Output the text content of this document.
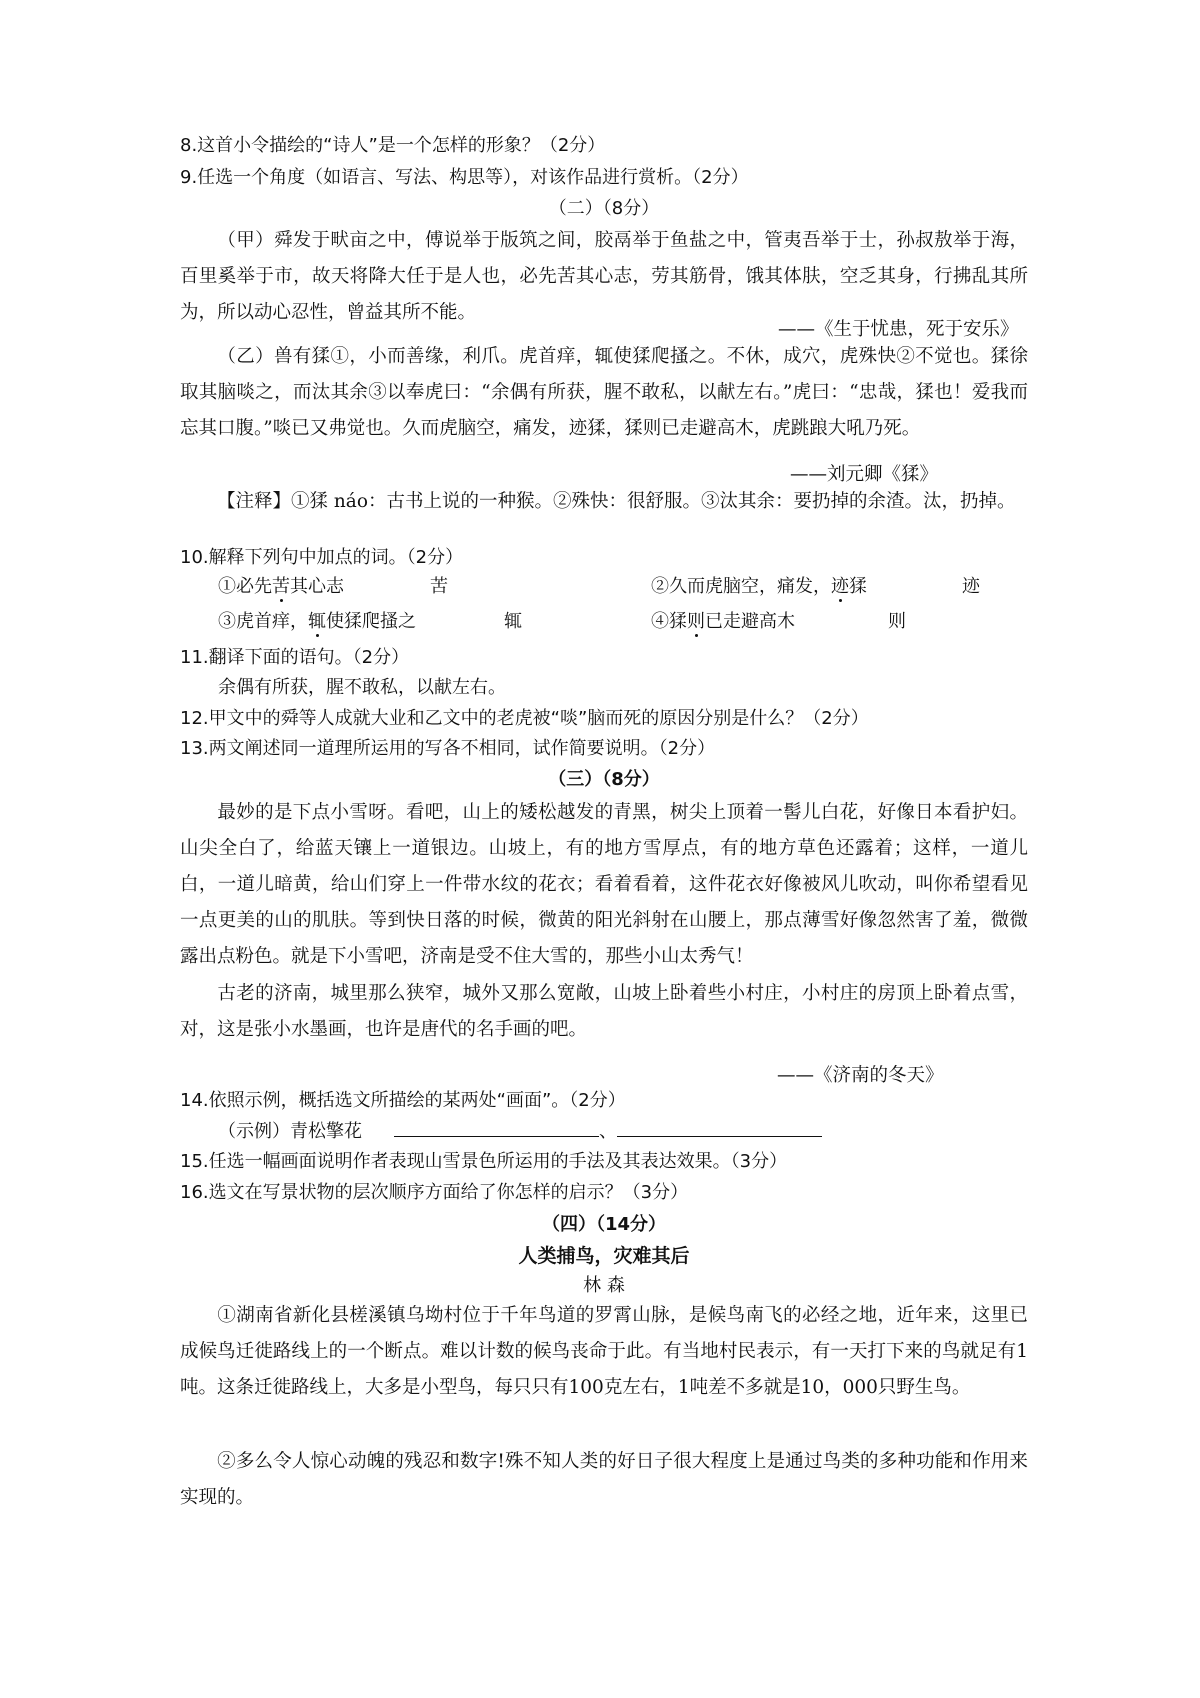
8.这首小令描绘的“诗人”是一个怎样的形象？（2分）
9.任选一个角度（如语言、写法、构思等），对该作品进行赏析。（2分）
（二）（8分）
（甲）舜发于畎亩之中，傅说举于版筑之间，胶鬲举于鱼盐之中，管夷吾举于士，孙叔敖举于海，百里奚举于市，故天将降大任于是人也，必先苦其心志，劳其筋骨，饿其体肤，空乏其身，行拂乱其所为，所以动心忍性，曾益其所不能。
——《生于忧患，死于安乐》
（乙）兽有猱①，小而善缘，利爪。虎首痒，辄使猱爬搔之。不休，成穴，虎殊快②不觉也。猱徐取其脑啖之，而汰其余③以奉虎曰：“余偶有所获，腥不敢私，以献左右。”虎曰：“忠哉，猱也！爱我而忘其口腹。”啖已又弗觉也。久而虎脑空，痛发，迹猱，猱则已走避高木，虎跳踉大吼乃死。
——刘元卿《猱》
【注释】①猱 náo：古书上说的一种猴。②殊快：很舒服。③汰其余：要扔掉的余渣。汰，扔掉。
10.解释下列句中加点的词。（2分）
①必先苦其心志	苦	②久而虎脑空，痛发，迹猱	迹
③虎首痒，辄使猱爬搔之	辄	④猱则已走避高木	则
11.翻译下面的语句。（2分）
余偶有所获，腥不敢私，以献左右。
12.甲文中的舜等人成就大业和乙文中的老虎被“啖”脑而死的原因分别是什么？（2分）
13.两文阐述同一道理所运用的写各不相同，试作简要说明。（2分）
（三）（8分）
最妙的是下点小雪呀。看吧，山上的矮松越发的青黑，树尖上顶着一髻儿白花，好像日本看护妇。山尖全白了，给蓝天镶上一道银边。山坡上，有的地方雪厚点，有的地方草色还露着；这样，一道儿白，一道儿暗黄，给山们穿上一件带水纹的花衣；看着看着，这件花衣好像被风儿吹动，叫你希望看见一点更美的山的肌肤。等到快日落的时候，微黄的阳光斜射在山腰上，那点薄雪好像忽然害了羞，微微露出点粉色。就是下小雪吧，济南是受不住大雪的，那些小山太秀气！
古老的济南，城里那么狭窄，城外又那么宽敞，山坡上卧着些小村庄，小村庄的房顶上卧着点雪，对，这是张小水墨画，也许是唐代的名手画的吧。
——《济南的冬天》
14.依照示例，概括选文所描绘的某两处“画面”。（2分）
（示例）青松擎花	、
15.任选一幅画面说明作者表现山雪景色所运用的手法及其表达效果。（3分）
16.选文在写景状物的层次顺序方面给了你怎样的启示？（3分）
（四）（14分）
人类捕鸟，灾难其后
林 森
①湖南省新化县槎溪镇乌坳村位于千年鸟道的罗霄山脉，是候鸟南飞的必经之地，近年来，这里已成候鸟迁徙路线上的一个断点。难以计数的候鸟丧命于此。有当地村民表示，有一天打下来的鸟就足有1吨。这条迁徙路线上，大多是小型鸟，每只只有100克左右，1吨差不多就是10，000只野生鸟。
②多么令人惊心动魄的残忍和数字!殊不知人类的好日子很大程度上是通过鸟类的多种功能和作用来实现的。
